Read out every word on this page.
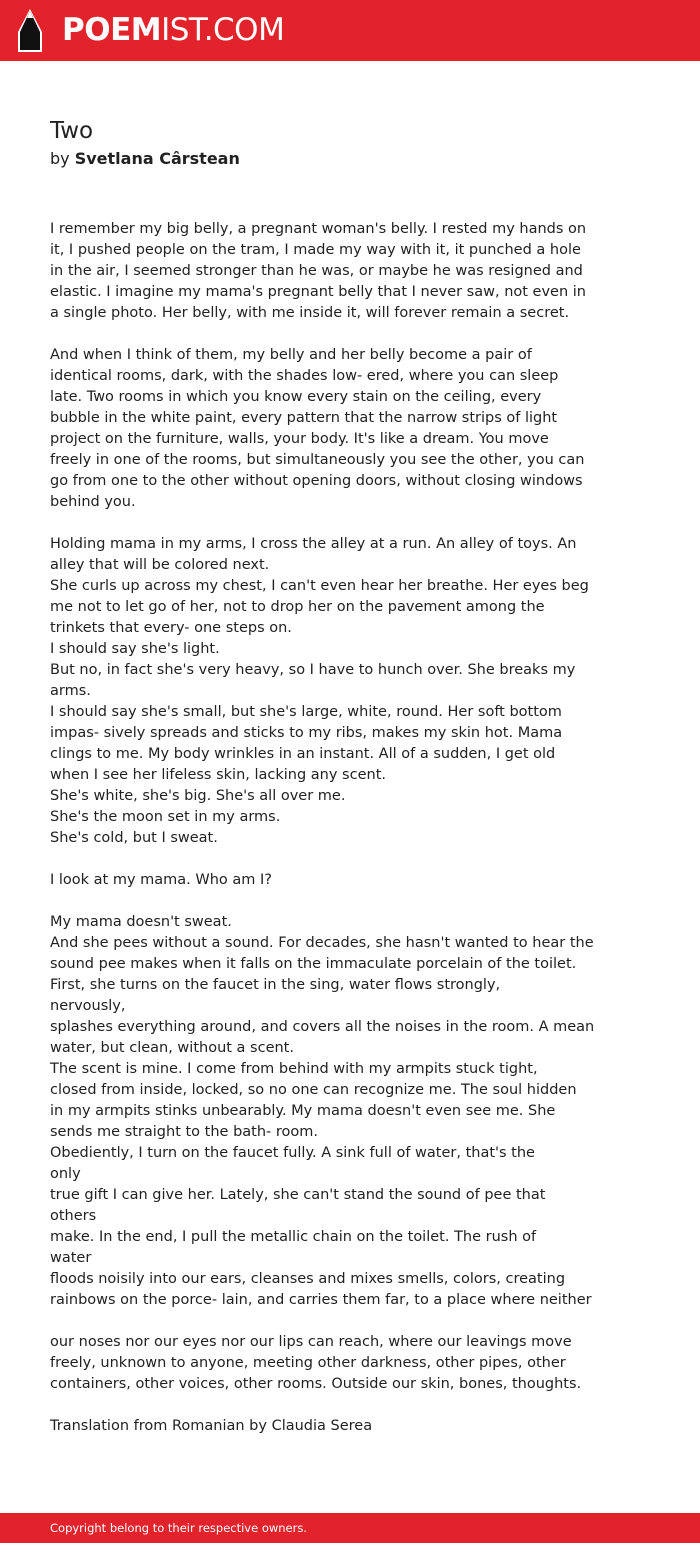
POEMIST.COM
Two
by Svetlana Cârstean
I remember my big belly, a pregnant woman's belly. I rested my hands on
it, I pushed people on the tram, I made my way with it, it punched a hole
in the air, I seemed stronger than he was, or maybe he was resigned and
elastic. I imagine my mama's pregnant belly that I never saw, not even in
a single photo. Her belly, with me inside it, will forever remain a secret.
And when I think of them, my belly and her belly become a pair of
identical rooms, dark, with the shades low- ered, where you can sleep
late. Two rooms in which you know every stain on the ceiling, every
bubble in the white paint, every pattern that the narrow strips of light
project on the furniture, walls, your body. It's like a dream. You move
freely in one of the rooms, but simultaneously you see the other, you can
go from one to the other without opening doors, without closing windows
behind you.
Holding mama in my arms, I cross the alley at a run. An alley of toys. An
alley that will be colored next.
She curls up across my chest, I can't even hear her breathe. Her eyes beg
me not to let go of her, not to drop her on the pavement among the
trinkets that every- one steps on.
I should say she's light.
But no, in fact she's very heavy, so I have to hunch over. She breaks my
arms.
I should say she's small, but she's large, white, round. Her soft bottom
impas- sively spreads and sticks to my ribs, makes my skin hot. Mama
clings to me. My body wrinkles in an instant. All of a sudden, I get old
when I see her lifeless skin, lacking any scent.
She's white, she's big. She's all over me.
She's the moon set in my arms.
She's cold, but I sweat.
I look at my mama. Who am I?
My mama doesn't sweat.
And she pees without a sound. For decades, she hasn't wanted to hear the
sound pee makes when it falls on the immaculate porcelain of the toilet.
First, she turns on the faucet in the sing, water flows strongly,
nervously,
splashes everything around, and covers all the noises in the room. A mean
water, but clean, without a scent.
The scent is mine. I come from behind with my armpits stuck tight,
closed from inside, locked, so no one can recognize me. The soul hidden
in my armpits stinks unbearably. My mama doesn't even see me. She
sends me straight to the bath- room.
Obediently, I turn on the faucet fully. A sink full of water, that's the
only
true gift I can give her. Lately, she can't stand the sound of pee that
others
make. In the end, I pull the metallic chain on the toilet. The rush of
water
floods noisily into our ears, cleanses and mixes smells, colors, creating
rainbows on the porce- lain, and carries them far, to a place where neither
our noses nor our eyes nor our lips can reach, where our leavings move
freely, unknown to anyone, meeting other darkness, other pipes, other
containers, other voices, other rooms. Outside our skin, bones, thoughts.
Translation from Romanian by Claudia Serea
Copyright belong to their respective owners.
